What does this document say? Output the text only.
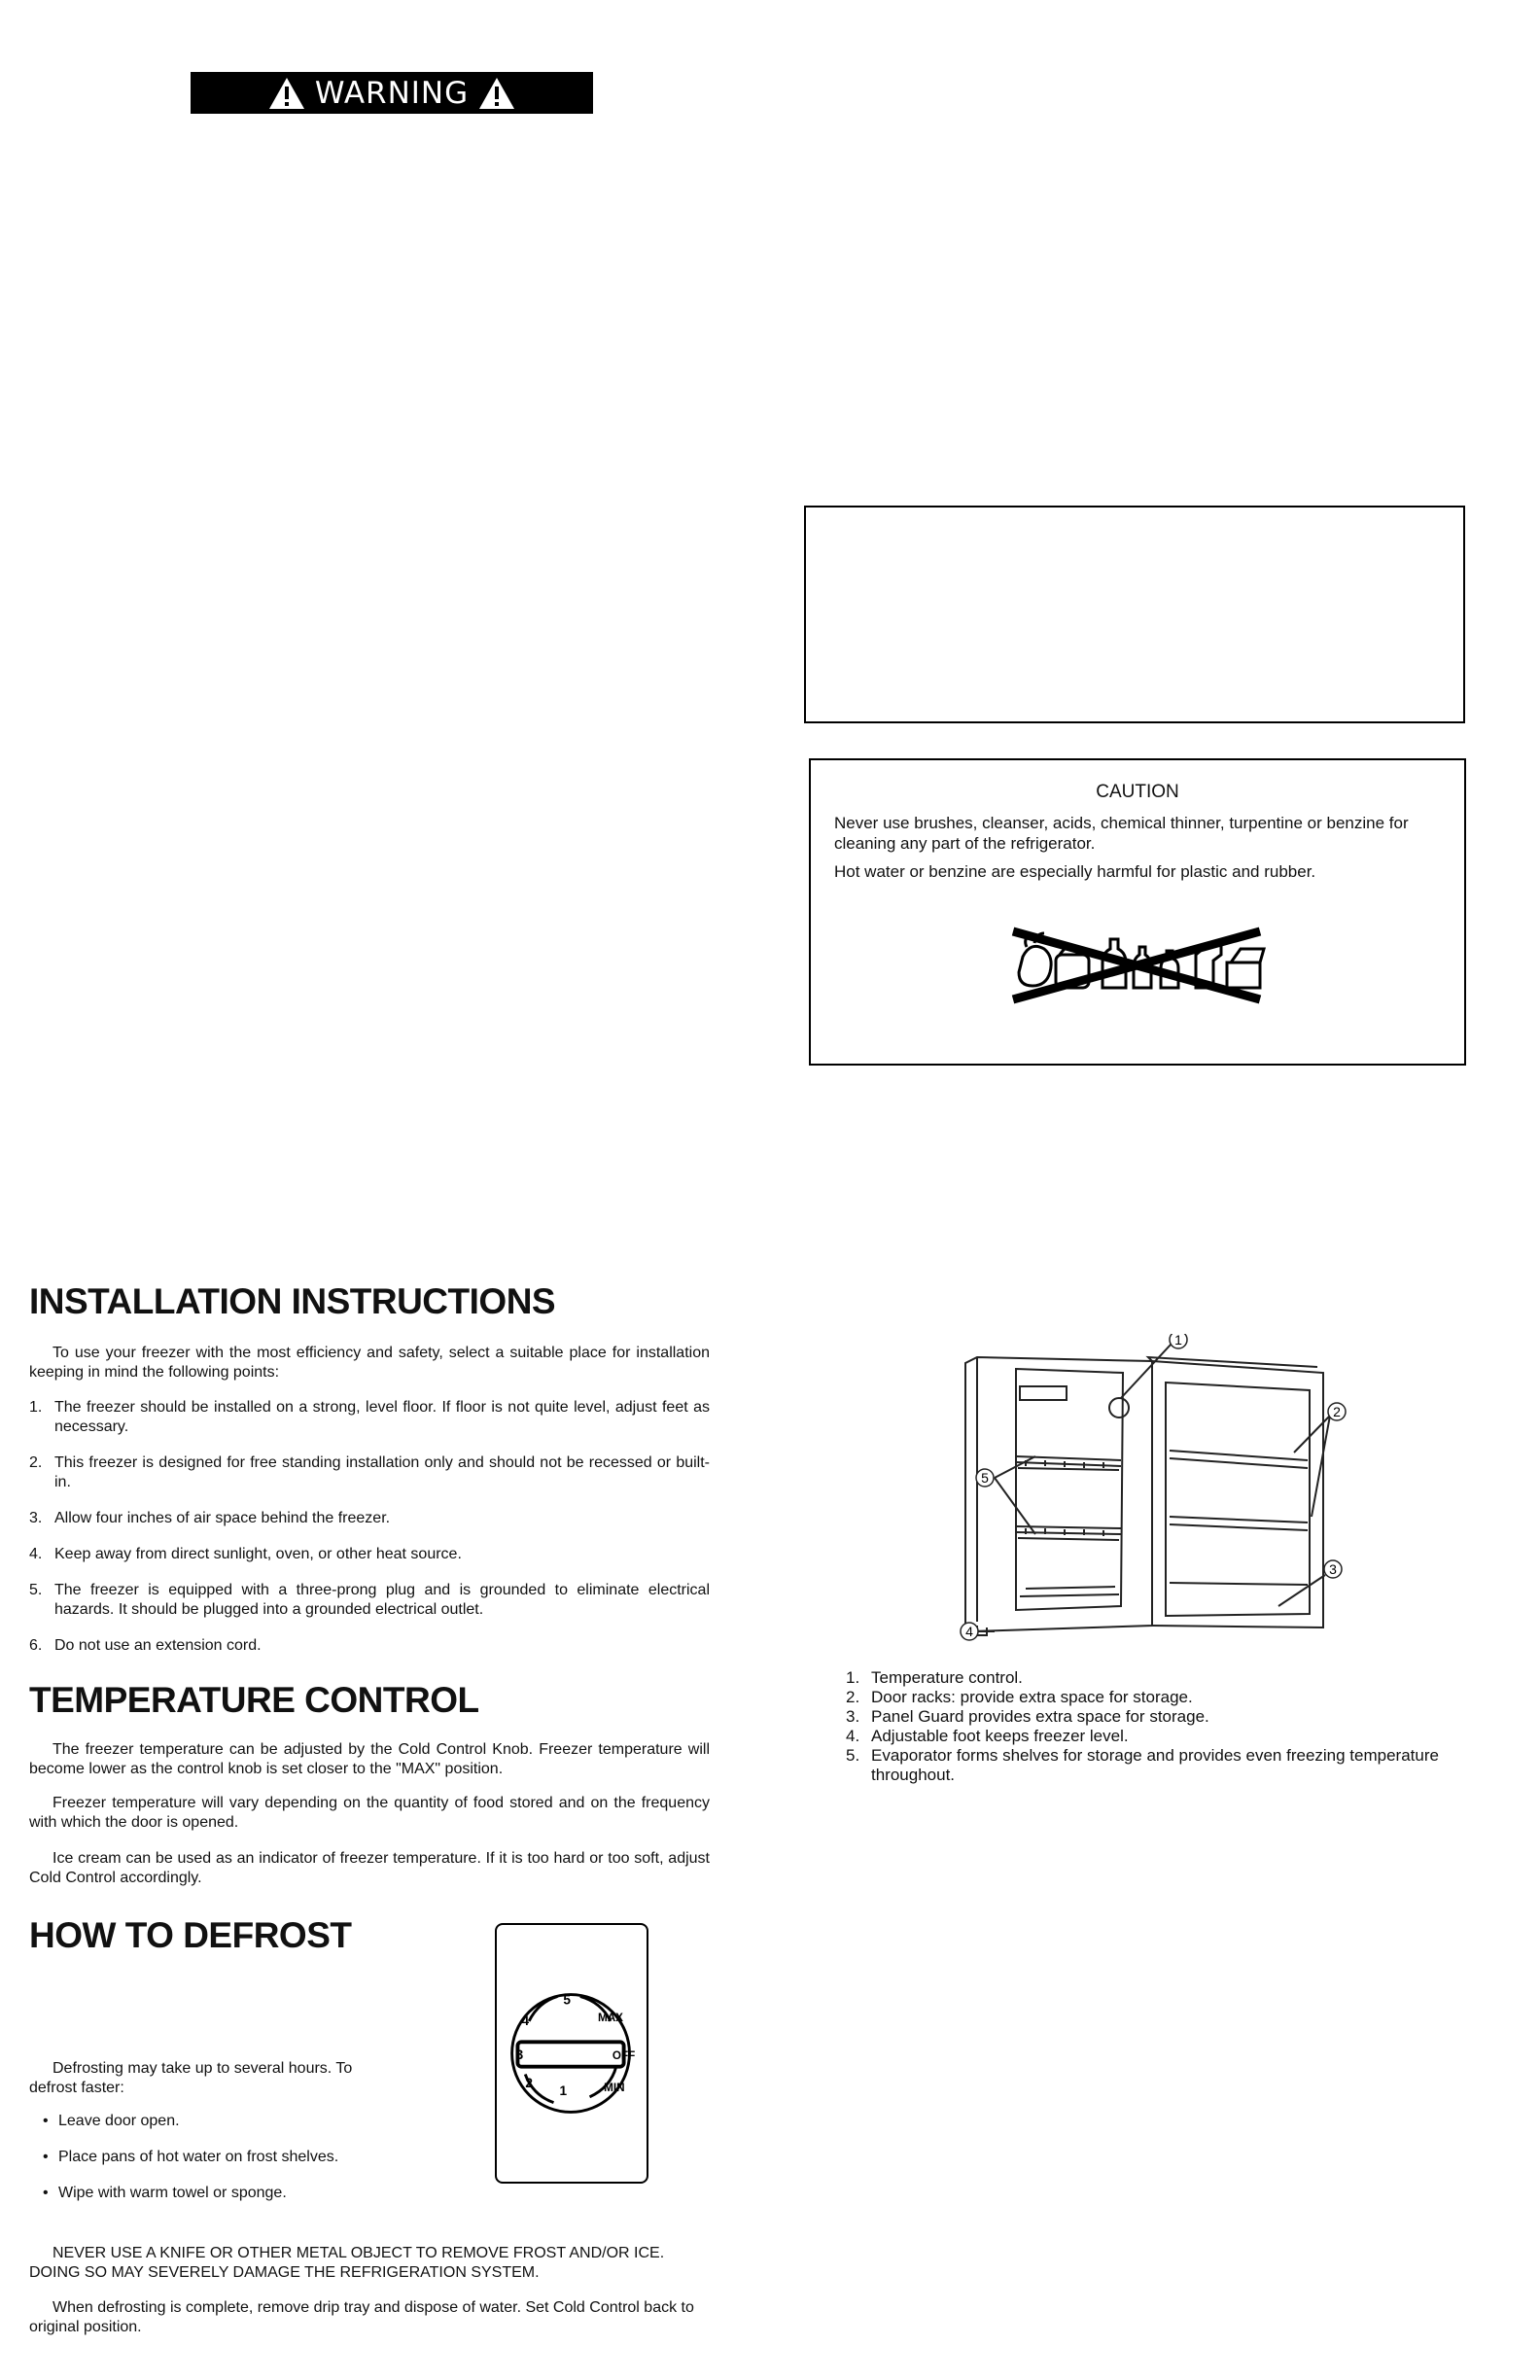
WARNING
CAUTION

Never use brushes, cleanser, acids, chemical thinner, turpentine or benzine for cleaning any part of the refrigerator.

Hot water or benzine are especially harmful for plastic and rubber.

INSTALLATION INSTRUCTIONS

To use your freezer with the most efficiency and safety, select a suitable place for installation keeping in mind the following points:

1. The freezer should be installed on a strong, level floor. If floor is not quite level, adjust feet as necessary.
2. This freezer is designed for free standing installation only and should not be recessed or built-in.
3. Allow four inches of air space behind the freezer.
4. Keep away from direct sunlight, oven, or other heat source.
5. The freezer is equipped with a three-prong plug and is grounded to eliminate electrical hazards. It should be plugged into a grounded electrical outlet.
6. Do not use an extension cord.
TEMPERATURE CONTROL

The freezer temperature can be adjusted by the Cold Control Knob. Freezer temperature will become lower as the control knob is set closer to the "MAX" position.

Freezer temperature will vary depending on the quantity of food stored and on the frequency with which the door is opened.

Ice cream can be used as an indicator of freezer temperature. If it is too hard or too soft, adjust Cold Control accordingly.

HOW TO DEFROST

Defrosting may take up to several hours. To defrost faster:

• Leave door open.
• Place pans of hot water on frost shelves.
• Wipe with warm towel or sponge.

NEVER USE A KNIFE OR OTHER METAL OBJECT TO REMOVE FROST AND/OR ICE. DOING SO MAY SEVERELY DAMAGE THE REFRIGERATION SYSTEM.

When defrosting is complete, remove drip tray and dispose of water. Set Cold Control back to original position.

1
2
3
4
5
MAX
OFF
MIN
1
2
3
4
5
1. Temperature control.
2. Door racks: provide extra space for storage.
3. Panel Guard provides extra space for storage.
4. Adjustable foot keeps freezer level.
5. Evaporator forms shelves for storage and provides even freezing temperature throughout.
